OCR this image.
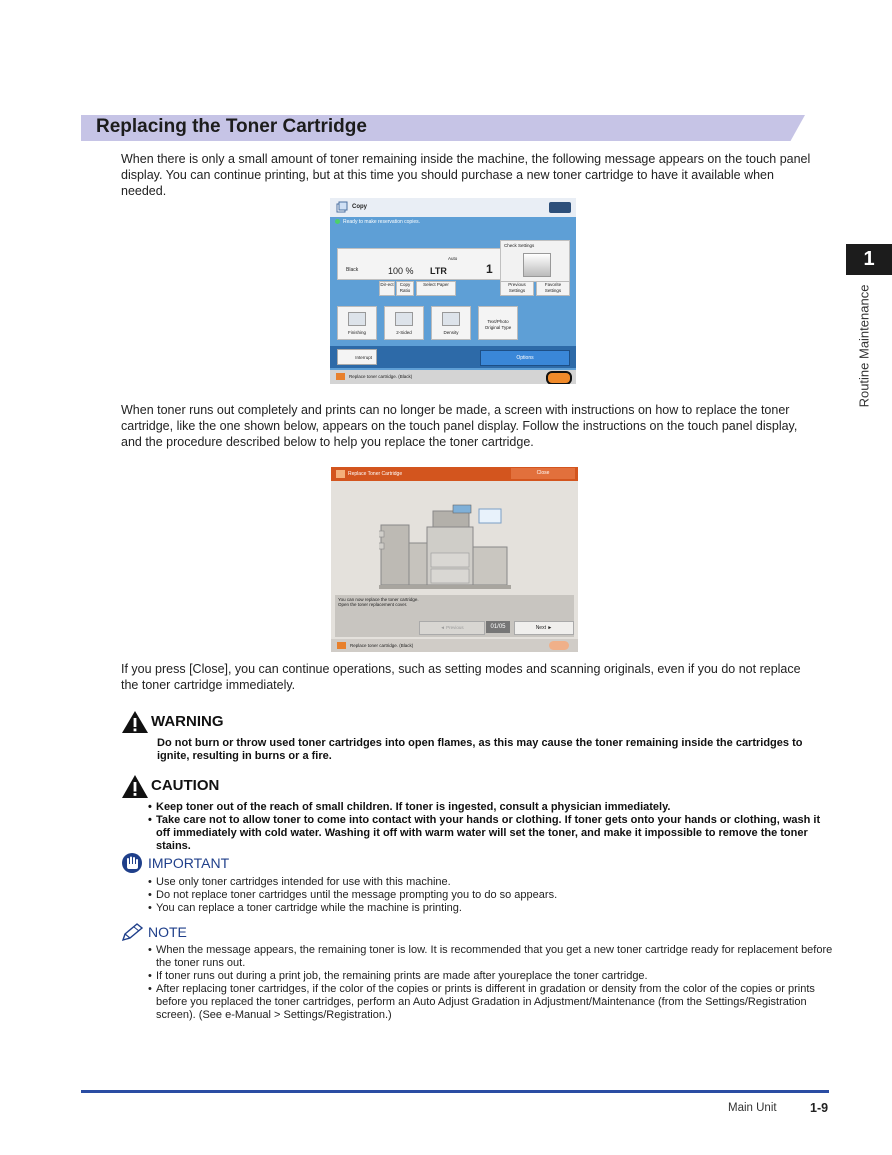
Replacing the Toner Cartridge
1
Routine Maintenance

When there is only a small amount of toner remaining inside the machine, the following message appears on the touch panel display. You can continue printing, but at this time you should purchase a new toner cartridge to have it available when needed.

Copy
Ready to make reservation copies.
Black	100 %
Auto
LTR	1
Check Settings
Dir-ect	Copy Ratio
Select Paper	Previous Settings
Favorite Settings
Finishing	2-Sided	Density
Text/Photo
Original Type
Interrupt	Options
Replace toner cartridge. (Black)

When toner runs out completely and prints can no longer be made, a screen with instructions on how to replace the toner cartridge, like the one shown below, appears on the touch panel display. Follow the instructions on the touch panel display, and the procedure described below to help you replace the toner cartridge.

Replace Toner Cartridge	Close
You can now replace the toner cartridge.
Open the toner replacement cover.
◄ Previous	01/05	Next ►
Replace toner cartridge. (Black)

If you press [Close], you can continue operations, such as setting modes and scanning originals, even if you do not replace the toner cartridge immediately.

WARNING
Do not burn or throw used toner cartridges into open flames, as this may cause the toner remaining inside the cartridges to ignite, resulting in burns or a fire.
CAUTION
• Keep toner out of the reach of small children. If toner is ingested, consult a physician immediately.
• Take care not to allow toner to come into contact with your hands or clothing. If toner gets onto your hands or clothing, wash it off immediately with cold water. Washing it off with warm water will set the toner, and make it impossible to remove the toner stains.
IMPORTANT
• Use only toner cartridges intended for use with this machine.
• Do not replace toner cartridges until the message prompting you to do so appears.
• You can replace a toner cartridge while the machine is printing.
NOTE
• When the message appears, the remaining toner is low. It is recommended that you get a new toner cartridge ready for replacement before the toner runs out.
• If toner runs out during a print job, the remaining prints are made after youreplace the toner cartridge.
• After replacing toner cartridges, if the color of the copies or prints is different in gradation or density from the color of the copies or prints before you replaced the toner cartridges, perform an Auto Adjust Gradation in Adjustment/Maintenance (from the Settings/Registration screen). (See e-Manual > Settings/Registration.)
Main Unit	1-9
